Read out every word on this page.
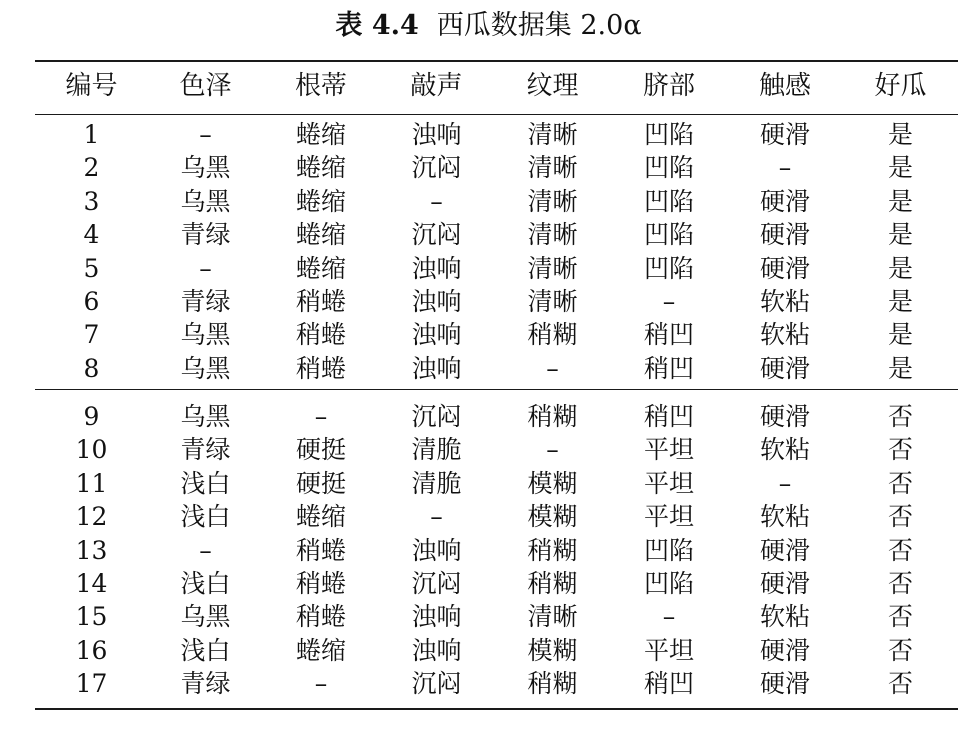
表 4.4 西瓜数据集 2.0α
编号	色泽	根蒂	敲声	纹理	脐部	触感	好瓜
1	–	蜷缩	浊响	清晰	凹陷	硬滑	是
2	乌黑	蜷缩	沉闷	清晰	凹陷	–	是
3	乌黑	蜷缩	–	清晰	凹陷	硬滑	是
4	青绿	蜷缩	沉闷	清晰	凹陷	硬滑	是
5	–	蜷缩	浊响	清晰	凹陷	硬滑	是
6	青绿	稍蜷	浊响	清晰	–	软粘	是
7	乌黑	稍蜷	浊响	稍糊	稍凹	软粘	是
8	乌黑	稍蜷	浊响	–	稍凹	硬滑	是
9	乌黑	–	沉闷	稍糊	稍凹	硬滑	否
10	青绿	硬挺	清脆	–	平坦	软粘	否
11	浅白	硬挺	清脆	模糊	平坦	–	否
12	浅白	蜷缩	–	模糊	平坦	软粘	否
13	–	稍蜷	浊响	稍糊	凹陷	硬滑	否
14	浅白	稍蜷	沉闷	稍糊	凹陷	硬滑	否
15	乌黑	稍蜷	浊响	清晰	–	软粘	否
16	浅白	蜷缩	浊响	模糊	平坦	硬滑	否
17	青绿	–	沉闷	稍糊	稍凹	硬滑	否
